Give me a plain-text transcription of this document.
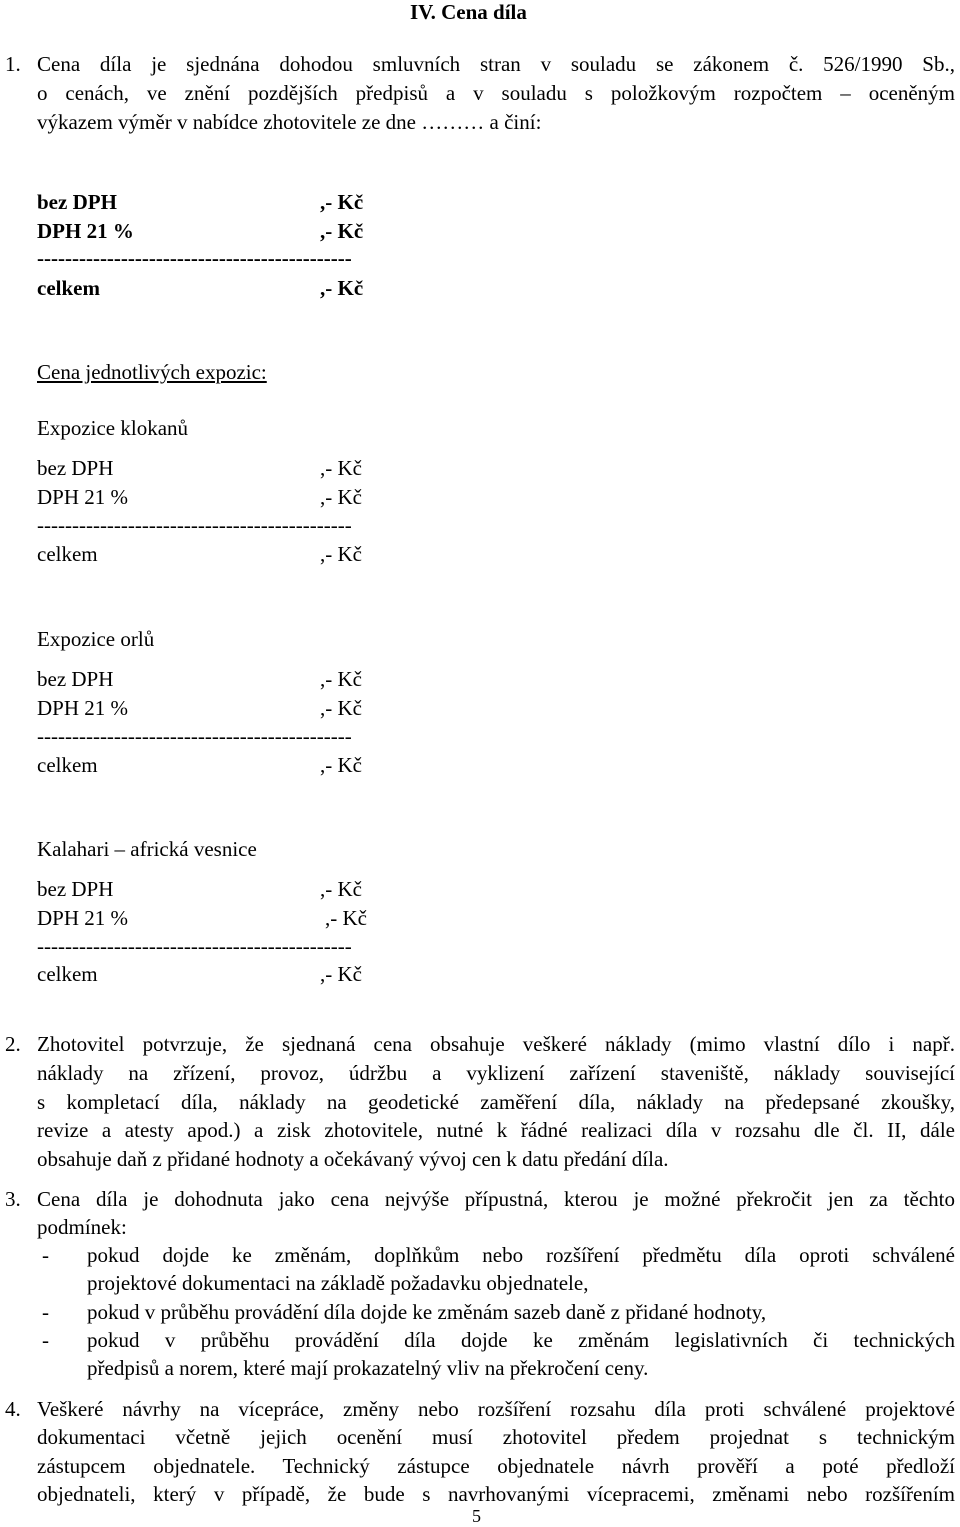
IV. Cena díla
1. Cena díla je sjednána dohodou smluvních stran v souladu se zákonem č. 526/1990 Sb.,
o cenách, ve znění pozdějších předpisů a v souladu s položkovým rozpočtem – oceněným
výkazem výměr v nabídce zhotovitele ze dne ……… a činí:
bez DPH	,- Kč
DPH 21 %	,- Kč
---------------------------------------------
celkem	,- Kč
Cena jednotlivých expozic:
Expozice klokanů
bez DPH	,- Kč
DPH 21 %	,- Kč
---------------------------------------------
celkem	,- Kč
Expozice orlů
bez DPH	,- Kč
DPH 21 %	,- Kč
---------------------------------------------
celkem	,- Kč
Kalahari – africká vesnice
bez DPH	,- Kč
DPH 21 %	,- Kč
---------------------------------------------
celkem	,- Kč
2. Zhotovitel potvrzuje, že sjednaná cena obsahuje veškeré náklady (mimo vlastní dílo i např.
náklady na zřízení, provoz, údržbu a vyklizení zařízení staveniště, náklady související
s kompletací díla, náklady na geodetické zaměření díla, náklady na předepsané zkoušky,
revize a atesty apod.) a zisk zhotovitele, nutné k řádné realizaci díla v rozsahu dle čl. II, dále
obsahuje daň z přidané hodnoty a očekávaný vývoj cen k datu předání díla.
3. Cena díla je dohodnuta jako cena nejvýše přípustná, kterou je možné překročit jen za těchto
podmínek:
- pokud dojde ke změnám, doplňkům nebo rozšíření předmětu díla oproti schválené
projektové dokumentaci na základě požadavku objednatele,
- pokud v průběhu provádění díla dojde ke změnám sazeb daně z přidané hodnoty,
- pokud v průběhu provádění díla dojde ke změnám legislativních či technických
předpisů a norem, které mají prokazatelný vliv na překročení ceny.
4. Veškeré návrhy na vícepráce, změny nebo rozšíření rozsahu díla proti schválené projektové
dokumentaci včetně jejich ocenění musí zhotovitel předem projednat s technickým
zástupcem objednatele. Technický zástupce objednatele návrh prověří a poté předloží
objednateli, který v případě, že bude s navrhovanými vícepracemi, změnami nebo rozšířením
5
